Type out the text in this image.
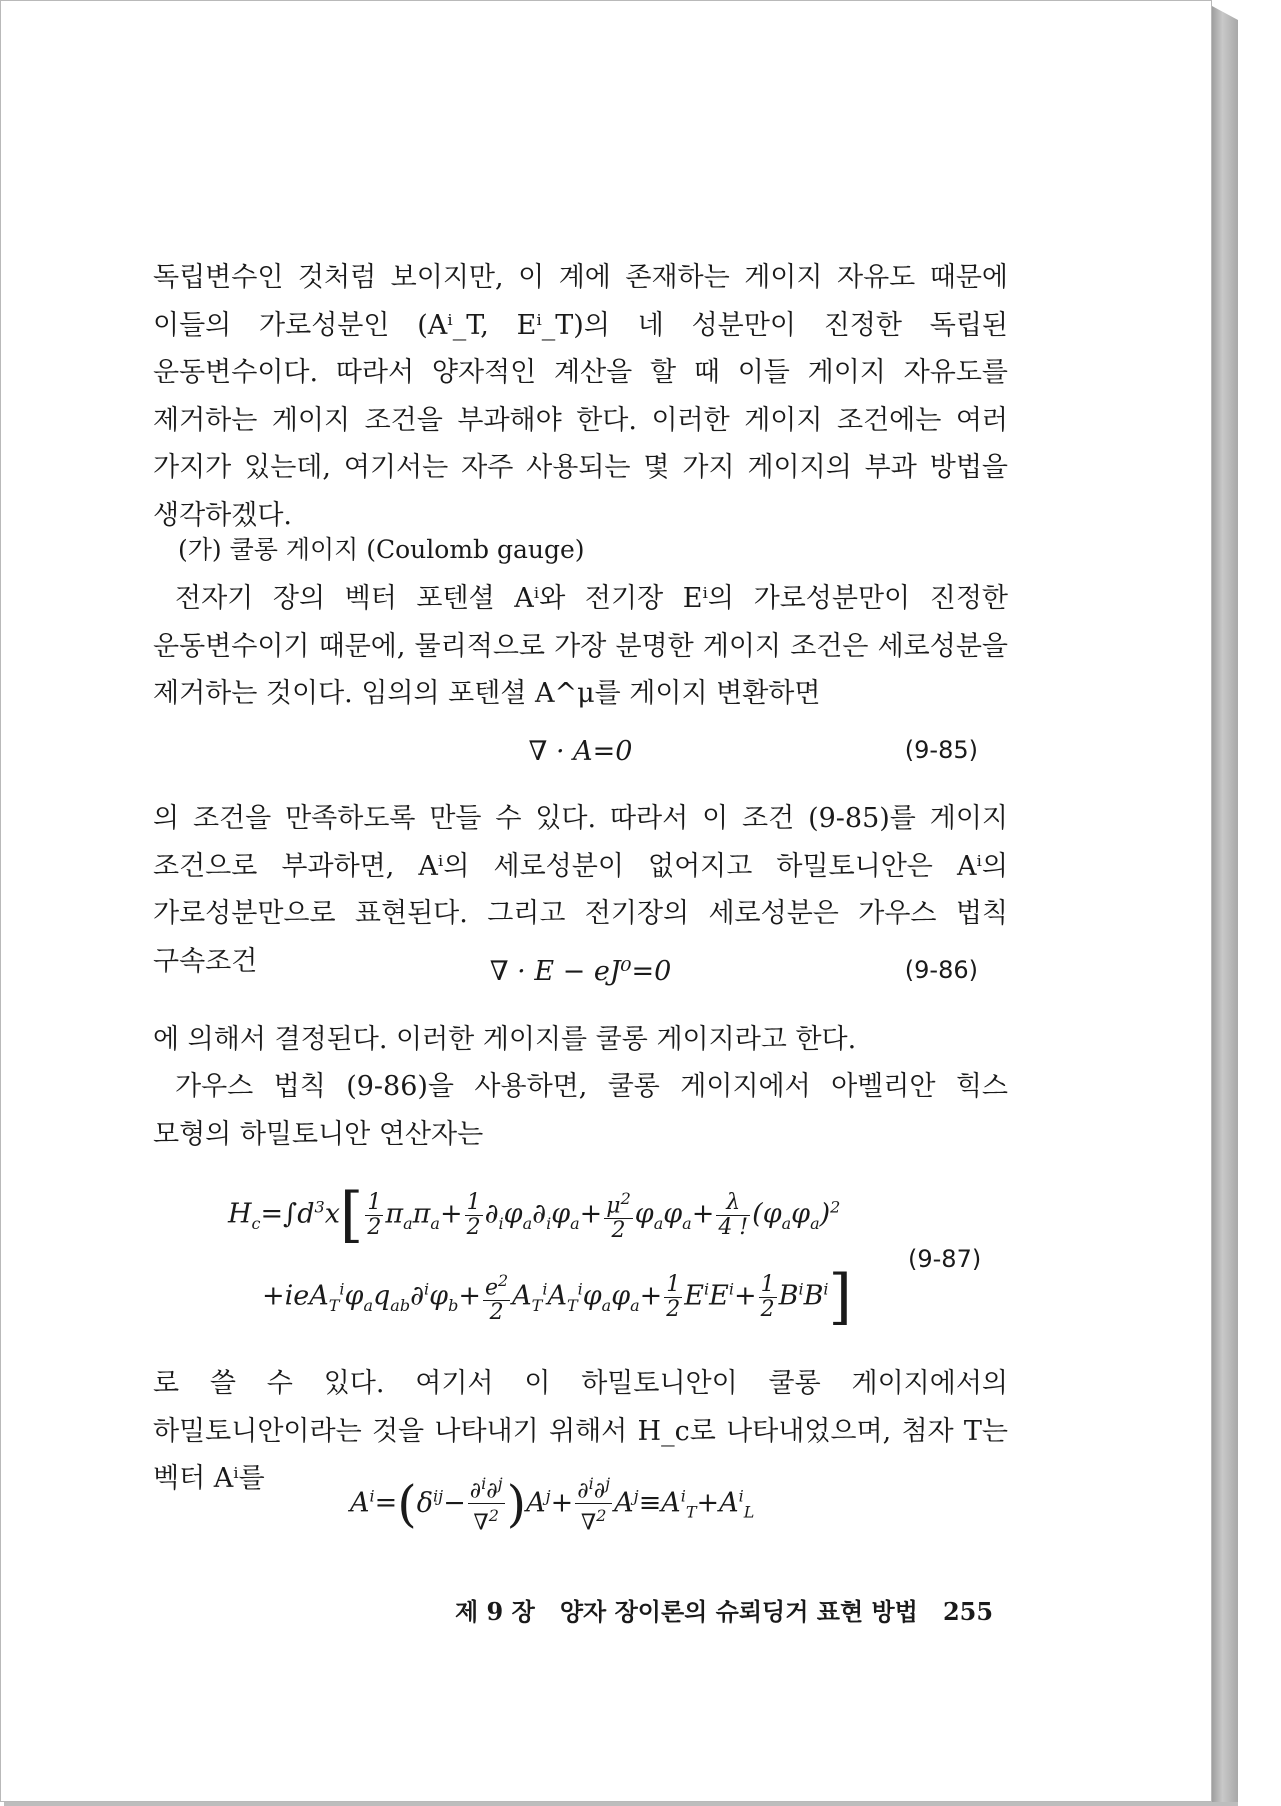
독립변수인 것처럼 보이지만, 이 계에 존재하는 게이지 자유도 때문에 이들의 가로성분인 (Aⁱ_T, Eⁱ_T)의 네 성분만이 진정한 독립된 운동변수이다. 따라서 양자적인 계산을 할 때 이들 게이지 자유도를 제거하는 게이지 조건을 부과해야 한다. 이러한 게이지 조건에는 여러 가지가 있는데, 여기서는 자주 사용되는 몇 가지 게이지의 부과 방법을 생각하겠다.

(가) 쿨롱 게이지 (Coulomb gauge)

전자기 장의 벡터 포텐셜 Aⁱ와 전기장 Eⁱ의 가로성분만이 진정한 운동변수이기 때문에, 물리적으로 가장 분명한 게이지 조건은 세로성분을 제거하는 것이다. 임의의 포텐셜 A^μ를 게이지 변환하면

∇ · A=0	(9-85)

의 조건을 만족하도록 만들 수 있다. 따라서 이 조건 (9-85)를 게이지 조건으로 부과하면, Aⁱ의 세로성분이 없어지고 하밀토니안은 Aⁱ의 가로성분만으로 표현된다. 그리고 전기장의 세로성분은 가우스 법칙 구속조건	∇ · E − eJ⁰=0	(9-86)

에 의해서 결정된다. 이러한 게이지를 쿨롱 게이지라고 한다.

가우스 법칙 (9-86)을 사용하면, 쿨롱 게이지에서 아벨리안 힉스 모형의 하밀토니안 연산자는

$H_c=\int d^3x[ \frac{1}{2} \pi_a\pi_a+ \frac{1}{2} \partial_i\varphi_a\partial_i\varphi_a+ \frac{\mu^2}{2} \varphi_a\varphi_a+ \frac{\lambda}{4 !} (\varphi_a\varphi_a)^2$
$+ieA_T^i\varphi_aq_{ab}\partial^i\varphi_b+ \frac{e^2}{2} A_T^iA_T^i\varphi_a\varphi_a+ \frac{1}{2} E^iE^i+ \frac{1}{2} B^iB^i$]
(9-87)

로 쓸 수 있다. 여기서 이 하밀토니안이 쿨롱 게이지에서의 하밀토니안이라는 것을 나타내기 위해서 H_c로 나타내었으며, 첨자 T는 벡터 Aⁱ를

$A^i=(\delta^{ij}- \frac{\partial^i\partial^j}{\nabla^2} )A^j+ \frac{\partial^i\partial^j}{\nabla^2} A^j\equiv A^i_T+A^i_L$
제 9 장 양자 장이론의 슈뢰딩거 표현 방법 255
